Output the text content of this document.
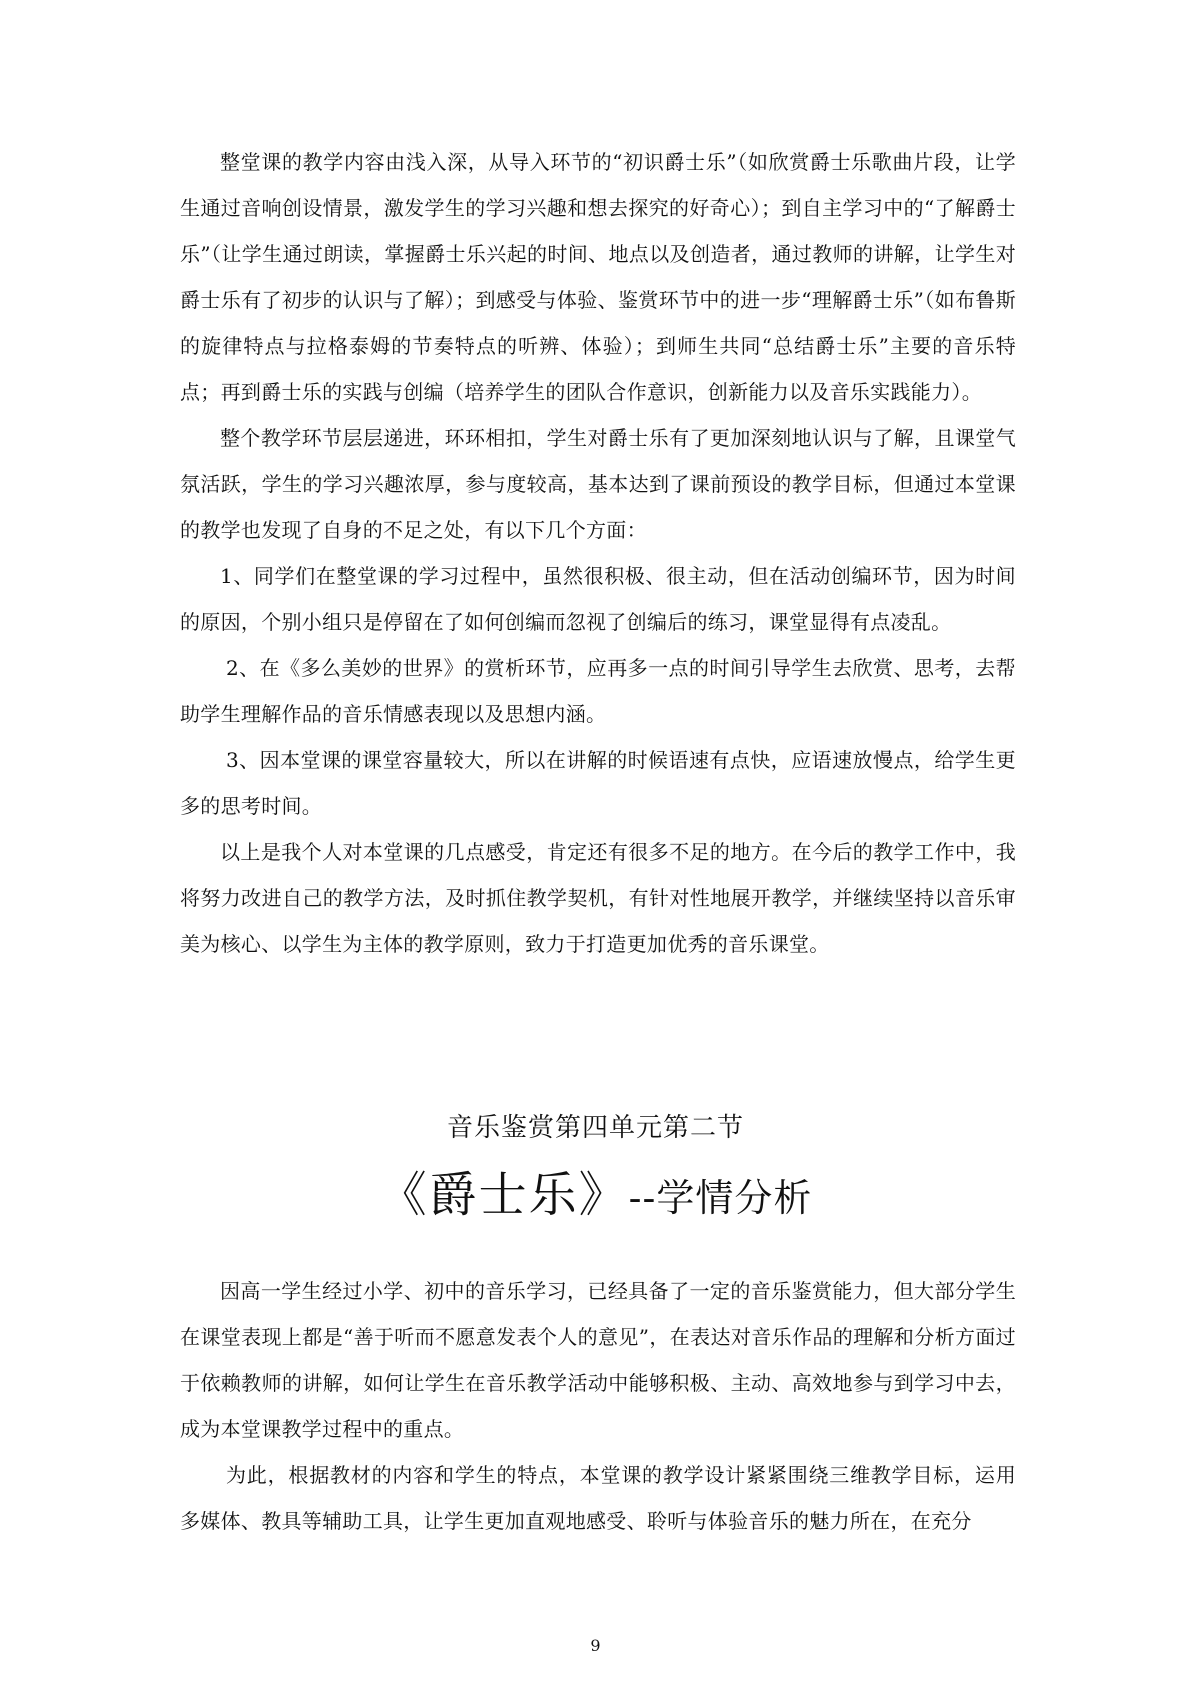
整堂课的教学内容由浅入深，从导入环节的“初识爵士乐”（如欣赏爵士乐歌曲片段，让学生通过音响创设情景，激发学生的学习兴趣和想去探究的好奇心）；到自主学习中的“了解爵士乐”（让学生通过朗读，掌握爵士乐兴起的时间、地点以及创造者，通过教师的讲解，让学生对爵士乐有了初步的认识与了解）；到感受与体验、鉴赏环节中的进一步“理解爵士乐”（如布鲁斯的旋律特点与拉格泰姆的节奏特点的听辨、体验）；到师生共同“总结爵士乐”主要的音乐特点；再到爵士乐的实践与创编（培养学生的团队合作意识，创新能力以及音乐实践能力）。

整个教学环节层层递进，环环相扣，学生对爵士乐有了更加深刻地认识与了解，且课堂气氛活跃，学生的学习兴趣浓厚，参与度较高，基本达到了课前预设的教学目标，但通过本堂课的教学也发现了自身的不足之处，有以下几个方面：

1、同学们在整堂课的学习过程中，虽然很积极、很主动，但在活动创编环节，因为时间的原因，个别小组只是停留在了如何创编而忽视了创编后的练习，课堂显得有点凌乱。

2、在《多么美妙的世界》的赏析环节，应再多一点的时间引导学生去欣赏、思考，去帮助学生理解作品的音乐情感表现以及思想内涵。

3、因本堂课的课堂容量较大，所以在讲解的时候语速有点快，应语速放慢点，给学生更多的思考时间。

以上是我个人对本堂课的几点感受，肯定还有很多不足的地方。在今后的教学工作中，我将努力改进自己的教学方法，及时抓住教学契机，有针对性地展开教学，并继续坚持以音乐审美为核心、以学生为主体的教学原则，致力于打造更加优秀的音乐课堂。

音乐鉴赏第四单元第二节
《爵士乐》--学情分析

因高一学生经过小学、初中的音乐学习，已经具备了一定的音乐鉴赏能力，但大部分学生在课堂表现上都是“善于听而不愿意发表个人的意见”，在表达对音乐作品的理解和分析方面过于依赖教师的讲解，如何让学生在音乐教学活动中能够积极、主动、高效地参与到学习中去，成为本堂课教学过程中的重点。

为此，根据教材的内容和学生的特点，本堂课的教学设计紧紧围绕三维教学目标，运用多媒体、教具等辅助工具，让学生更加直观地感受、聆听与体验音乐的魅力所在，在充分

9
